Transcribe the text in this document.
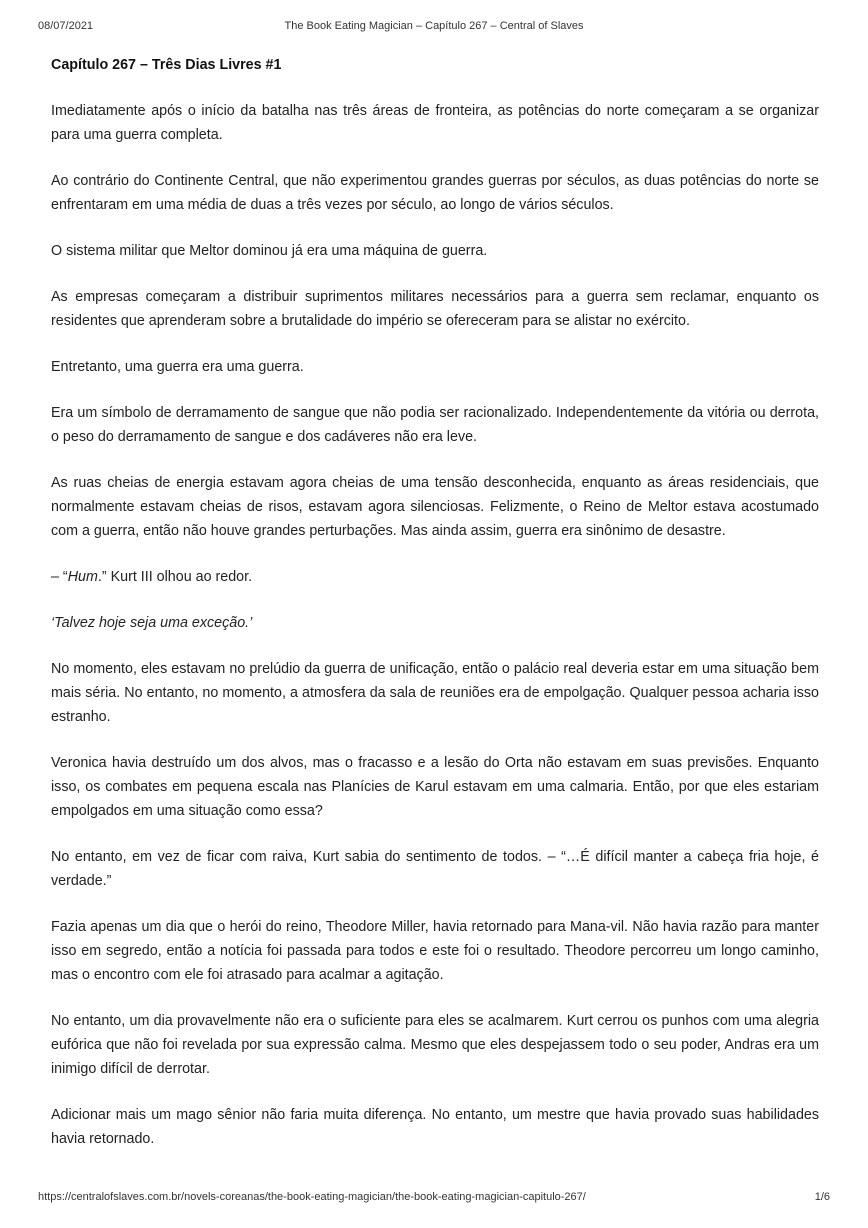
08/07/2021	The Book Eating Magician – Capítulo 267 – Central of Slaves
Capítulo 267 – Três Dias Livres #1

Imediatamente após o início da batalha nas três áreas de fronteira, as potências do norte começaram a se organizar para uma guerra completa.

Ao contrário do Continente Central, que não experimentou grandes guerras por séculos, as duas potências do norte se enfrentaram em uma média de duas a três vezes por século, ao longo de vários séculos.

O sistema militar que Meltor dominou já era uma máquina de guerra.

As empresas começaram a distribuir suprimentos militares necessários para a guerra sem reclamar, enquanto os residentes que aprenderam sobre a brutalidade do império se ofereceram para se alistar no exército.

Entretanto, uma guerra era uma guerra.

Era um símbolo de derramamento de sangue que não podia ser racionalizado. Independentemente da vitória ou derrota, o peso do derramamento de sangue e dos cadáveres não era leve.

As ruas cheias de energia estavam agora cheias de uma tensão desconhecida, enquanto as áreas residenciais, que normalmente estavam cheias de risos, estavam agora silenciosas. Felizmente, o Reino de Meltor estava acostumado com a guerra, então não houve grandes perturbações. Mas ainda assim, guerra era sinônimo de desastre.

– “Hum.” Kurt III olhou ao redor.

‘Talvez hoje seja uma exceção.’

No momento, eles estavam no prelúdio da guerra de unificação, então o palácio real deveria estar em uma situação bem mais séria. No entanto, no momento, a atmosfera da sala de reuniões era de empolgação. Qualquer pessoa acharia isso estranho.

Veronica havia destruído um dos alvos, mas o fracasso e a lesão do Orta não estavam em suas previsões. Enquanto isso, os combates em pequena escala nas Planícies de Karul estavam em uma calmaria. Então, por que eles estariam empolgados em uma situação como essa?

No entanto, em vez de ficar com raiva, Kurt sabia do sentimento de todos. – “…É difícil manter a cabeça fria hoje, é verdade.”

Fazia apenas um dia que o herói do reino, Theodore Miller, havia retornado para Mana-vil. Não havia razão para manter isso em segredo, então a notícia foi passada para todos e este foi o resultado. Theodore percorreu um longo caminho, mas o encontro com ele foi atrasado para acalmar a agitação.

No entanto, um dia provavelmente não era o suficiente para eles se acalmarem. Kurt cerrou os punhos com uma alegria eufórica que não foi revelada por sua expressão calma. Mesmo que eles despejassem todo o seu poder, Andras era um inimigo difícil de derrotar.

Adicionar mais um mago sênior não faria muita diferença. No entanto, um mestre que havia provado suas habilidades havia retornado.

https://centralofslaves.com.br/novels-coreanas/the-book-eating-magician/the-book-eating-magician-capitulo-267/	1/6
